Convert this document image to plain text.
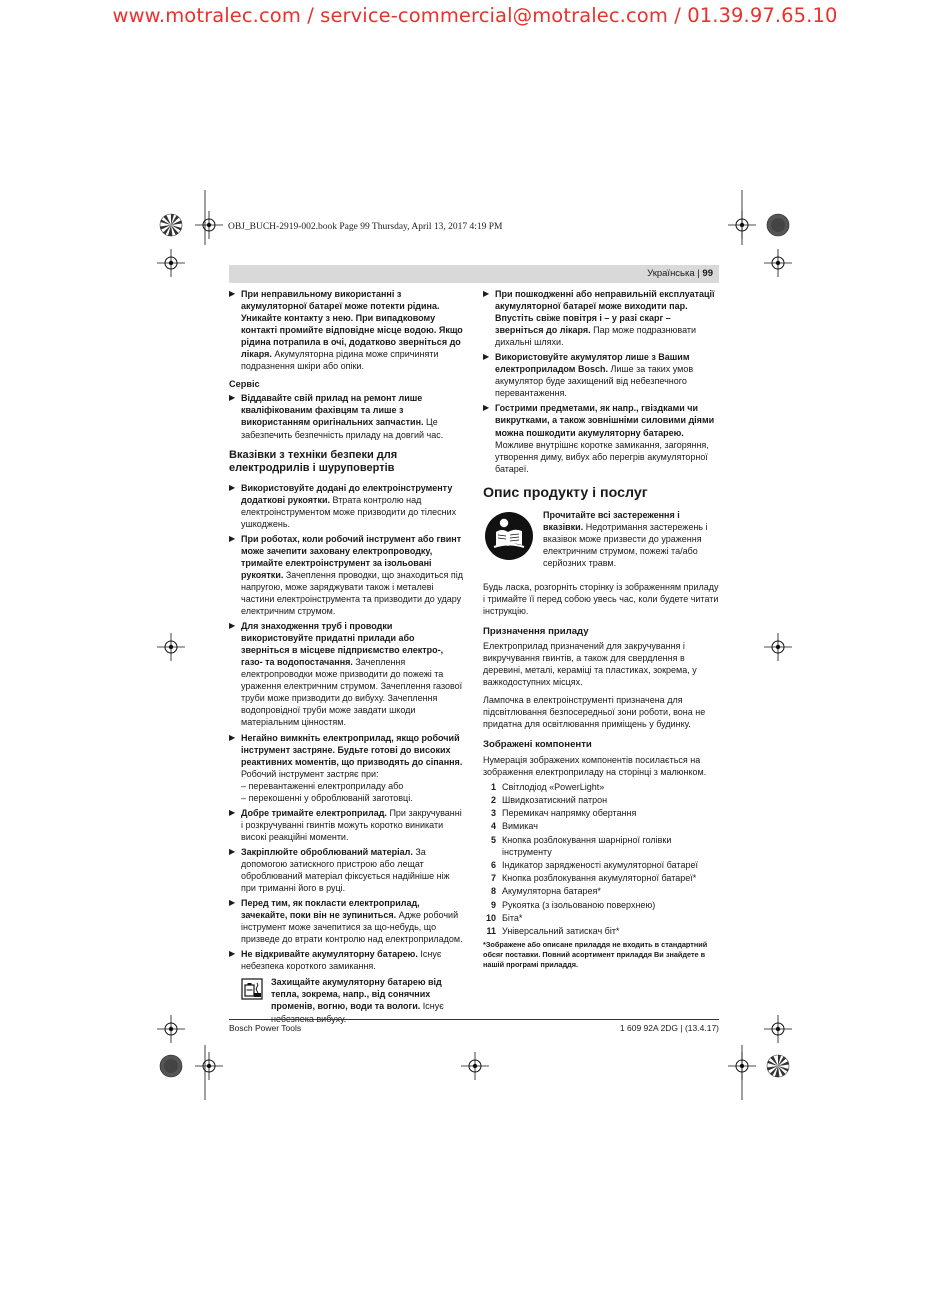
www.motralec.com / service-commercial@motralec.com / 01.39.97.65.10
OBJ_BUCH-2919-002.book Page 99 Thursday, April 13, 2017 4:19 PM
Українська | 99
▶ При неправильному використанні з акумуляторної батареї може потекти рідина. Уникайте контакту з нею. При випадковому контакті промийте відповідне місце водою. Якщо рідина потрапила в очі, додатково зверніться до лікаря. Акумуляторна рідина може спричиняти подразнення шкіри або опіки.
Сервіс
▶ Віддавайте свій прилад на ремонт лише кваліфікованим фахівцям та лише з використанням оригінальних запчастин. Це забезпечить безпечність приладу на довгий час.
Вказівки з техніки безпеки для електродрилів і шуруповертів
▶ Використовуйте додані до електроінструменту додаткові рукоятки. Втрата контролю над електроінструментом може призводити до тілесних ушкоджень.
▶ При роботах, коли робочий інструмент або гвинт може зачепити заховану електропроводку, тримайте електроінструмент за ізольовані рукоятки. Зачеплення проводки, що знаходиться під напругою, може заряджувати також і металеві частини електроінструмента та призводити до удару електричним струмом.
▶ Для знаходження труб і проводки використовуйте придатні прилади або зверніться в місцеве підприємство електро-, газо- та водопостачання. Зачеплення електропроводки може призводити до пожежі та ураження електричним струмом. Зачеплення газової труби може призводити до вибуху. Зачеплення водопровідної труби може завдати шкоди матеріальним цінностям.
▶ Негайно вимкніть електроприлад, якщо робочий інструмент застряне. Будьте готові до високих реактивних моментів, що призводять до сіпання. Робочий інструмент застряє при:
– перевантаженні електроприладу або
– перекошенні у оброблюваній заготовці.
▶ Добре тримайте електроприлад. При закручуванні і розкручуванні гвинтів можуть коротко виникати високі реакційні моменти.
▶ Закріплюйте оброблюваний матеріал. За допомогою затискного пристрою або лещат оброблюваний матеріал фіксується надійніше ніж при триманні його в руці.
▶ Перед тим, як покласти електроприлад, зачекайте, поки він не зупиниться. Адже робочий інструмент може зачепитися за що-небудь, що призведе до втрати контролю над електроприладом.
▶ Не відкривайте акумуляторну батарею. Існує небезпека короткого замикання.
Захищайте акумуляторну батарею від тепла, зокрема, напр., від сонячних променів, вогню, води та вологи. Існує
▶ При пошкодженні або неправильній експлуатації акумуляторної батареї може виходити пар. Впустіть свіже повітря і – у разі скарг – зверніться до лікаря. Пар може подразнювати дихальні шляхи.
▶ Використовуйте акумулятор лише з Вашим електроприладом Bosch. Лише за таких умов акумулятор буде захищений від небезпечного перевантаження.
▶ Гострими предметами, як напр., гвіздками чи викрутками, а також зовнішніми силовими діями можна пошкодити акумуляторну батарею. Можливе внутрішнє коротке замикання, загоряння, утворення диму, вибух або перегрів акумуляторної батареї.
Опис продукту і послуг
Прочитайте всі застереження і вказівки. Недотримання застережень і вказівок може призвести до ураження електричним струмом, пожежі та/або серйозних травм.
Будь ласка, розгорніть сторінку із зображенням приладу і тримайте її перед собою увесь час, коли будете читати інструкцію.
Призначення приладу
Електроприлад призначений для закручування і викручування гвинтів, а також для свердлення в деревині, металі, кераміці та пластиках, зокрема, у важкодоступних місцях.
Лампочка в електроінструменті призначена для підсвітлювання безпосередньої зони роботи, вона не придатна для освітлювання приміщень у будинку.
Зображені компоненти
Нумерація зображених компонентів посилається на зображення електроприладу на сторінці з малюнком.
1 Світлодіод «PowerLight»
2 Швидкозатискний патрон
3 Перемикач напрямку обертання
4 Вимикач
5 Кнопка розблокування шарнірної голівки інструменту
6 Індикатор зарядженості акумуляторної батареї
7 Кнопка розблокування акумуляторної батареї*
8 Акумуляторна батарея*
9 Рукоятка (з ізольованою поверхнею)
10 Біта*
11 Універсальний затискач біт*
*Зображене або описане приладдя не входить в стандартний обсяг поставки. Повний асортимент приладдя Ви знайдете в нашій програмі приладдя.
Bosch Power Tools	1 609 92A 2DG | (13.4.17)
